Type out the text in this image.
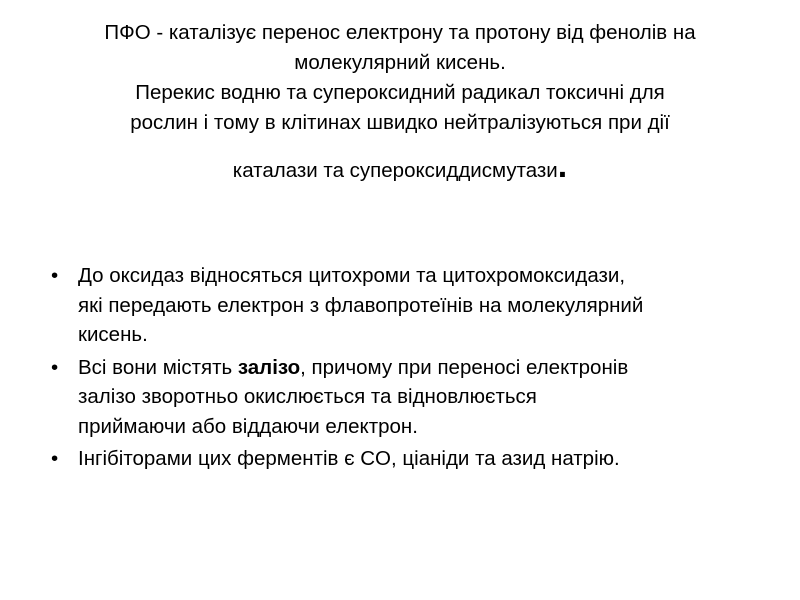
ПФО - каталізує перенос електрону та протону від фенолів на
молекулярний кисень.
Перекис водню та супероксидний радикал токсичні для
рослин і тому в клітинах швидко нейтралізуються при дії
каталази та супероксиддисмутази.
• До оксидаз відносяться цитохроми та цитохромоксидази,
які передають електрон з флавопротеїнів на молекулярний
кисень.
• Всі вони містять залізо, причому при переносі електронів
залізо зворотньо окислюється та відновлюється
приймаючи або віддаючи електрон.
• Інгібіторами цих ферментів є CO, ціаніди та азид натрію.
